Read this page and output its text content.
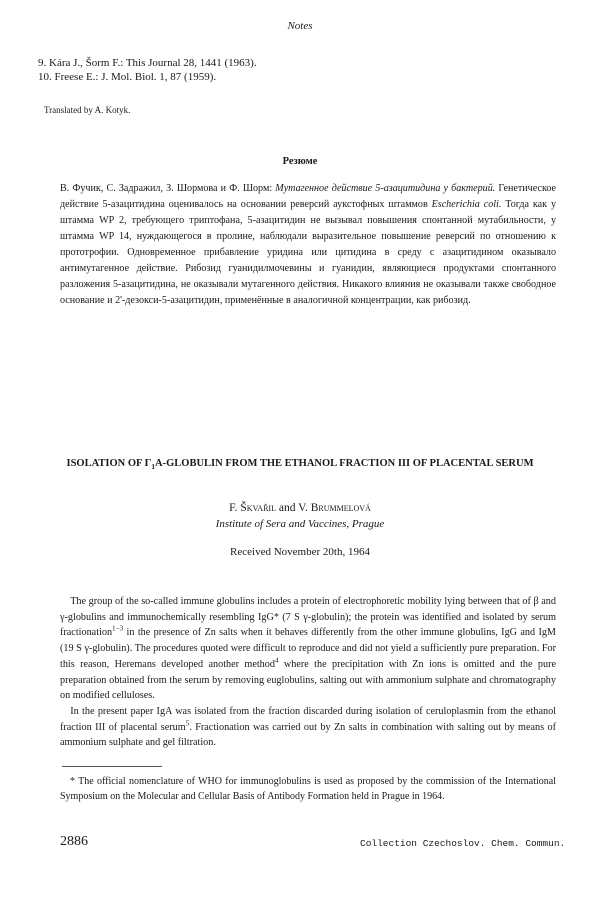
Notes
9. Kára J., Šorm F.: This Journal 28, 1441 (1963).
10. Freese E.: J. Mol. Biol. 1, 87 (1959).
Translated by A. Kotyk.
Резюме
В. Фучик, С. Задражил, З. Шормова и Ф. Шорм: Мутагенное действие 5-азацитидина у бактерий. Генетическое действие 5-азацитидина оценивалось на основании реверсий аукстофных штаммов Escherichia coli. Тогда как у штамма WP 2, требующего триптофана, 5-азацитидин не вызывал повышения спонтанной мутабильности, у штамма WP 14, нуждающегося в пролине, наблюдали выразительное повышение реверсий по отношению к прототрофии. Одновременное прибавление уридина или цитидина в среду с азацитидином оказывало антимутагенное действие. Рибозид гуанидилмочевины и гуанидин, являющиеся продуктами спонтанного разложения 5-азацитидина, не оказывали мутагенного действия. Никакого влияния не оказывали также свободное основание и 2'-дезокси-5-азацитидин, применённые в аналогичной концентрации, как рибозид.
ISOLATION OF $\Gamma_1A$-GLOBULIN FROM THE ETHANOL FRACTION III OF PLACENTAL SERUM
F. Škvařil and V. Brummelová
Institute of Sera and Vaccines, Prague
Received November 20th, 1964

 The group of the so-called immune globulins includes a protein of electrophoretic mobility lying between that of β and γ-globulins and immunochemically resembling IgG* (7 S γ-globulin); the protein was identified and isolated by serum fractionation$^{1-3}$ in the presence of Zn salts when it behaves differently from the other immune globulins, IgG and IgM (19 S γ-globulin). The procedures quoted were difficult to reproduce and did not yield a sufficiently pure preparation. For this reason, Heremans developed another method$^4$ where the precipitation with Zn ions is omitted and the pure preparation obtained from the serum by removing euglobulins, salting out with ammonium sulphate and chromatography on modified celluloses.

 In the present paper IgA was isolated from the fraction discarded during isolation of ceruloplasmin from the ethanol fraction III of placental serum$^5$. Fractionation was carried out by Zn salts in combination with salting out by means of ammonium sulphate and gel filtration.

 * The official nomenclature of WHO for immunoglobulins is used as proposed by the commission of the International Symposium on the Molecular and Cellular Basis of Antibody Formation held in Prague in 1964.
2886	Collection Czechoslov. Chem. Commun.
